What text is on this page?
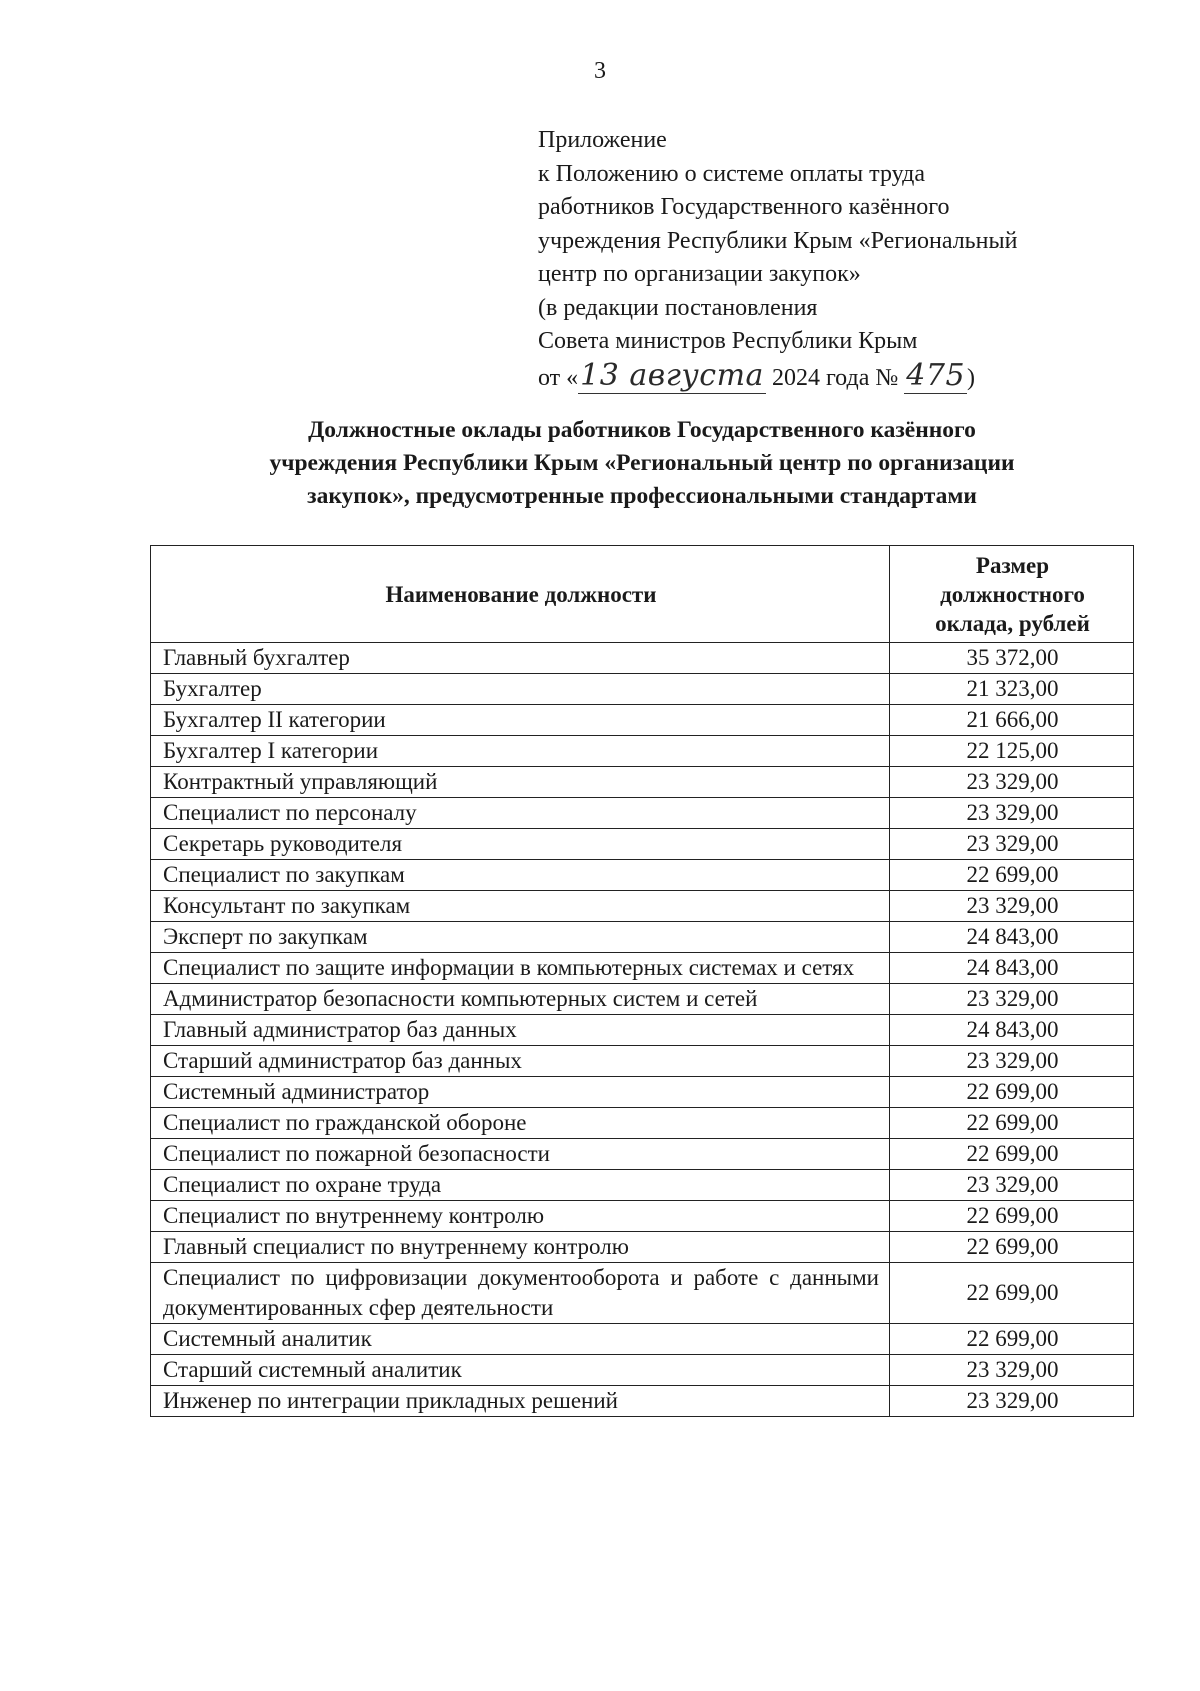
3
Приложение
к Положению о системе оплаты труда
работников Государственного казённого
учреждения Республики Крым «Региональный
центр по организации закупок»
(в редакции постановления
Совета министров Республики Крым
от «13 августа 2024 года № 475)
Должностные оклады работников Государственного казённого
учреждения Республики Крым «Региональный центр по организации
закупок», предусмотренные профессиональными стандартами
Наименование должности	Размер
должностного
оклада, рублей

Главный бухгалтер	35 372,00
Бухгалтер	21 323,00
Бухгалтер II категории	21 666,00
Бухгалтер I категории	22 125,00
Контрактный управляющий	23 329,00
Специалист по персоналу	23 329,00
Секретарь руководителя	23 329,00
Специалист по закупкам	22 699,00
Консультант по закупкам	23 329,00
Эксперт по закупкам	24 843,00
Специалист по защите информации в компьютерных системах и сетях	24 843,00
Администратор безопасности компьютерных систем и сетей	23 329,00
Главный администратор баз данных	24 843,00
Старший администратор баз данных	23 329,00
Системный администратор	22 699,00
Специалист по гражданской обороне	22 699,00
Специалист по пожарной безопасности	22 699,00
Специалист по охране труда	23 329,00
Специалист по внутреннему контролю	22 699,00
Главный специалист по внутреннему контролю	22 699,00
Специалист по цифровизации документооборота и работе с данными документированных сфер деятельности	22 699,00
Системный аналитик	22 699,00
Старший системный аналитик	23 329,00
Инженер по интеграции прикладных решений	23 329,00
